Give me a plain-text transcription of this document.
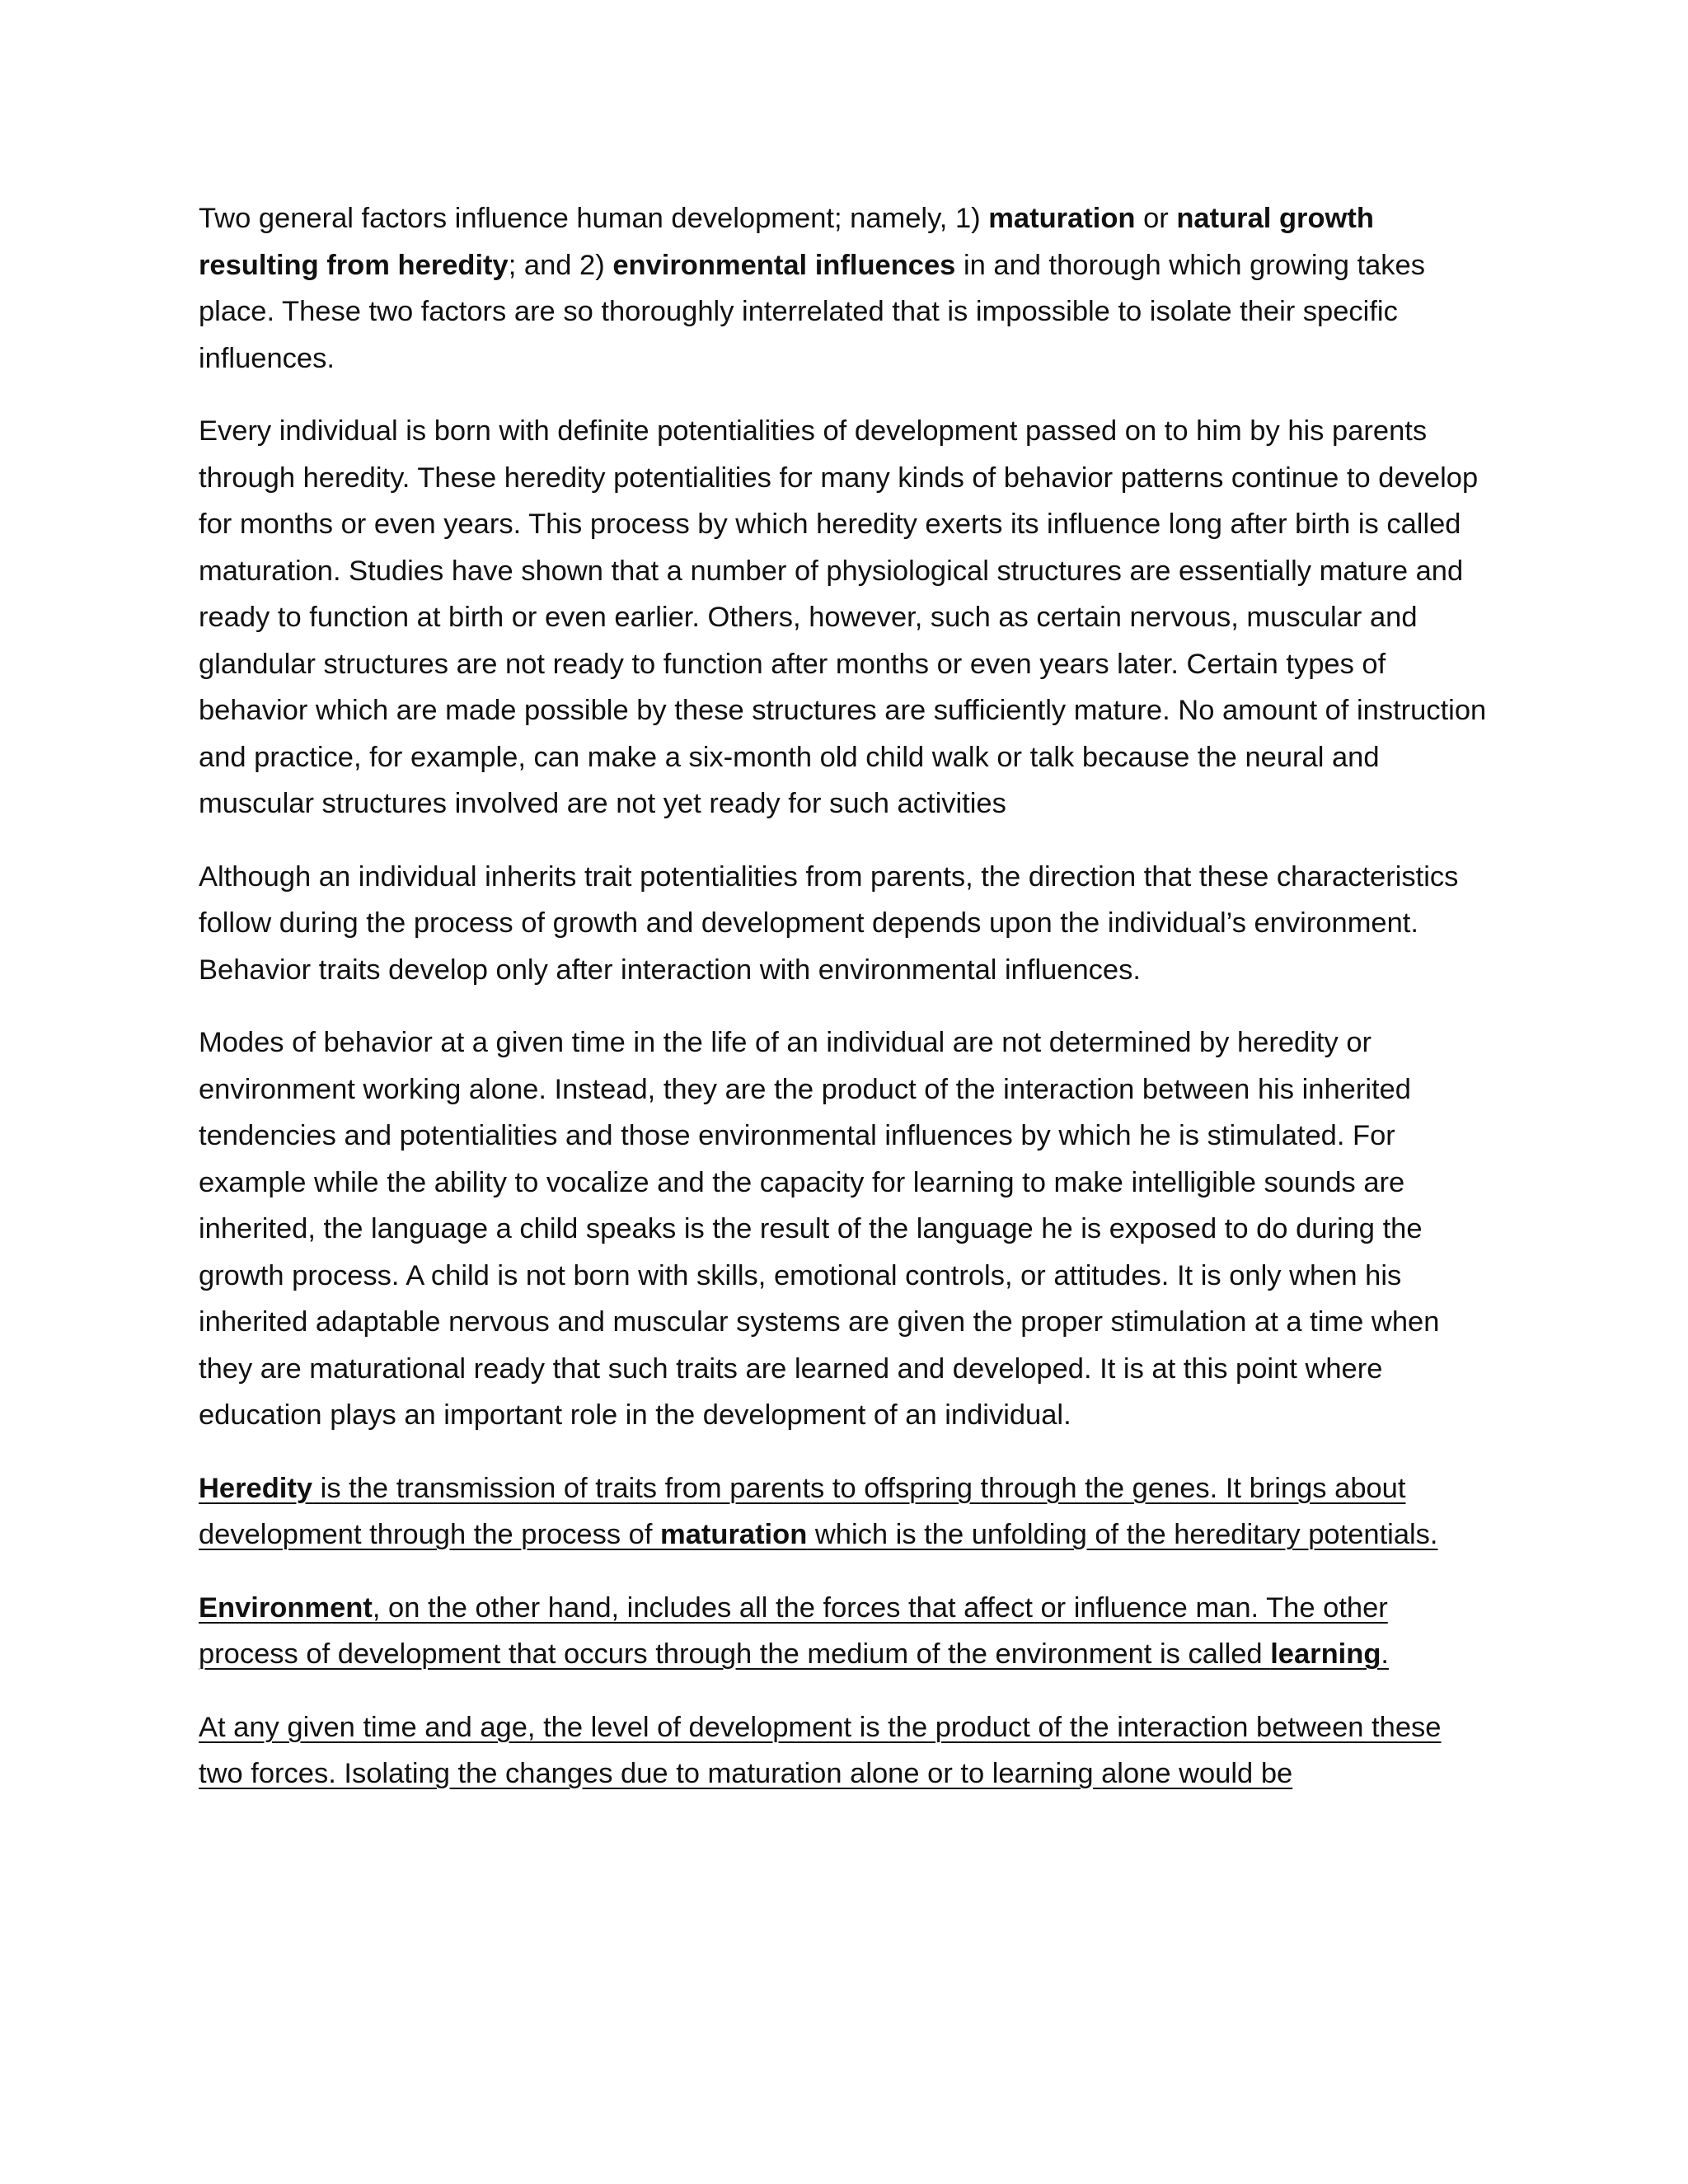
Two general factors influence human development; namely, 1) maturation or natural growth resulting from heredity; and 2) environmental influences in and thorough which growing takes place. These two factors are so thoroughly interrelated that is impossible to isolate their specific influences.

Every individual is born with definite potentialities of development passed on to him by his parents through heredity. These heredity potentialities for many kinds of behavior patterns continue to develop for months or even years. This process by which heredity exerts its influence long after birth is called maturation. Studies have shown that a number of physiological structures are essentially mature and ready to function at birth or even earlier. Others, however, such as certain nervous, muscular and glandular structures are not ready to function after months or even years later. Certain types of behavior which are made possible by these structures are sufficiently mature. No amount of instruction and practice, for example, can make a six-month old child walk or talk because the neural and muscular structures involved are not yet ready for such activities

Although an individual inherits trait potentialities from parents, the direction that these characteristics follow during the process of growth and development depends upon the individual’s environment. Behavior traits develop only after interaction with environmental influences.

Modes of behavior at a given time in the life of an individual are not determined by heredity or environment working alone. Instead, they are the product of the interaction between his inherited tendencies and potentialities and those environmental influences by which he is stimulated. For example while the ability to vocalize and the capacity for learning to make intelligible sounds are inherited, the language a child speaks is the result of the language he is exposed to do during the growth process. A child is not born with skills, emotional controls, or attitudes. It is only when his inherited adaptable nervous and muscular systems are given the proper stimulation at a time when they are maturational ready that such traits are learned and developed. It is at this point where education plays an important role in the development of an individual.

Heredity is the transmission of traits from parents to offspring through the genes. It brings about development through the process of maturation which is the unfolding of the hereditary potentials.

Environment, on the other hand, includes all the forces that affect or influence man. The other process of development that occurs through the medium of the environment is called learning.

At any given time and age, the level of development is the product of the interaction between these two forces. Isolating the changes due to maturation alone or to learning alone would be
